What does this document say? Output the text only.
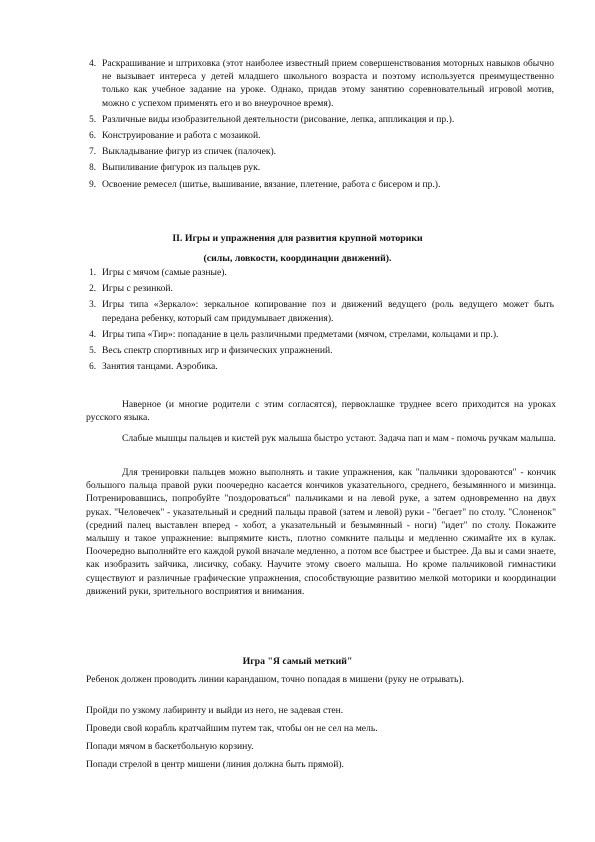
4. Раскрашивание и штриховка (этот наиболее известный прием совершенствования моторных навыков обычно не вызывает интереса у детей младшего школьного возраста и поэтому используется преимущественно только как учебное задание на уроке. Однако, придав этому занятию соревновательный игровой мотив, можно с успехом применять его и во внеурочное время).
5. Различные виды изобразительной деятельности (рисование, лепка, аппликация и пр.).
6. Конструирование и работа с мозаикой.
7. Выкладывание фигур из спичек (палочек).
8. Выпиливание фигурок из пальцев рук.
9. Освоение ремесел (шитье, вышивание, вязание, плетение, работа с бисером и пр.).
II. Игры и упражнения для развития крупной моторики
(силы, ловкости, координации движений).
1. Игры с мячом (самые разные).
2. Игры с резинкой.
3. Игры типа «Зеркало»: зеркальное копирование поз и движений ведущего (роль ведущего может быть передана ребенку, который сам придумывает движения).
4. Игры типа «Тир»: попадание в цель различными предметами (мячом, стрелами, кольцами и пр.).
5. Весь спектр спортивных игр и физических упражнений.
6. Занятия танцами. Аэробика.

Наверное (и многие родители с этим согласятся), первоклашке труднее всего приходится на уроках русского языка.

Слабые мышцы пальцев и кистей рук малыша быстро устают. Задача пап и мам - помочь ручкам малыша.

Для тренировки пальцев можно выполнять и такие упражнения, как "пальчики здороваются" - кончик большого пальца правой руки поочередно касается кончиков указательного, среднего, безымянного и мизинца. Потренировавшись, попробуйте "поздороваться" пальчиками и на левой руке, а затем одновременно на двух руках. "Человечек" - указательный и средний пальцы правой (затем и левой) руки - "бегает" по столу. "Слоненок" (средний палец выставлен вперед - хобот, а указательный и безымянный - ноги) "идет" по столу. Покажите малышу и такое упражнение: выпрямите кисть, плотно сомкните пальцы и медленно сжимайте их в кулак. Поочередно выполняйте его каждой рукой вначале медленно, а потом все быстрее и быстрее. Да вы и сами знаете, как изобразить зайчика, лисичку, собаку. Научите этому своего малыша. Но кроме пальчиковой гимнастики существуют и различные графические упражнения, способствующие развитию мелкой моторики и координации движений руки, зрительного восприятия и внимания.

Игра "Я самый меткий"

Ребенок должен проводить линии карандашом, точно попадая в мишени (руку не отрывать).

Пройди по узкому лабиринту и выйди из него, не задевая стен.

Проведи свой корабль кратчайшим путем так, чтобы он не сел на мель.

Попади мячом в баскетбольную корзину.

Попади стрелой в центр мишени (линия должна быть прямой).
